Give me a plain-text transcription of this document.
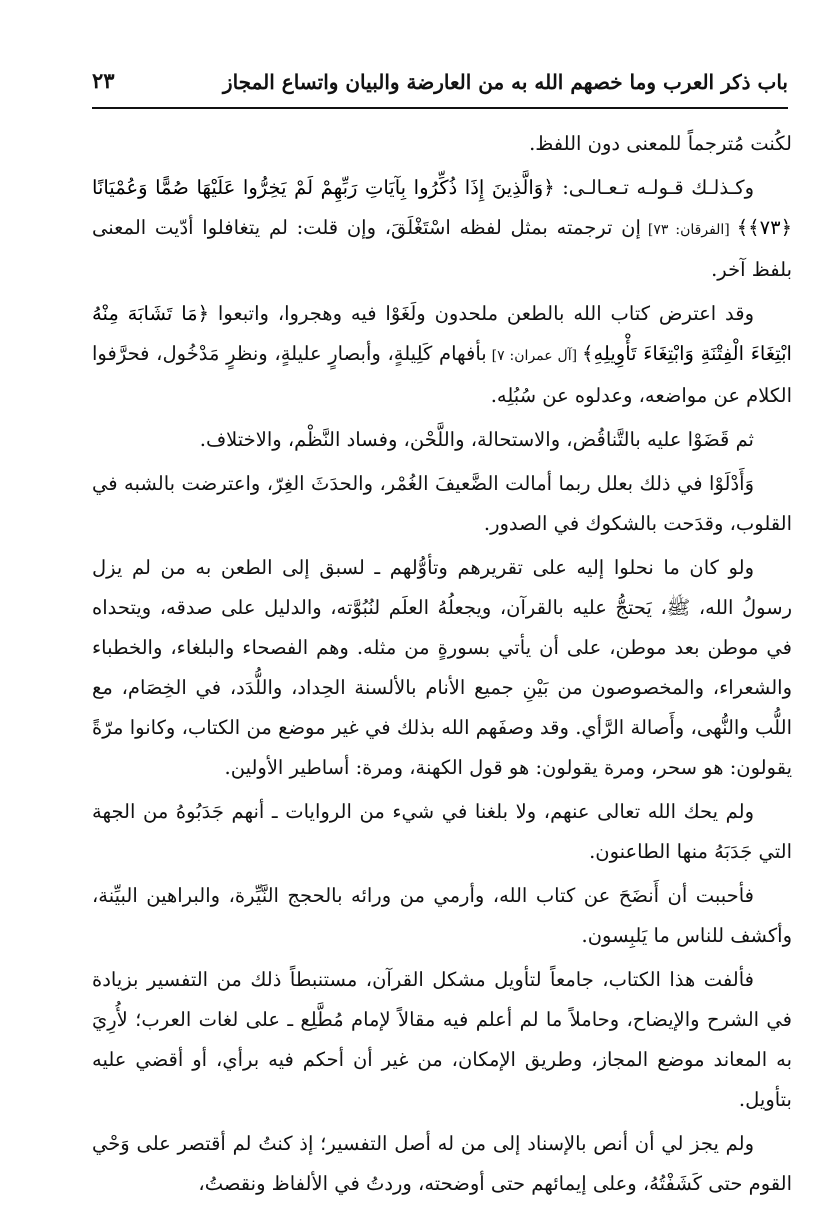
باب ذكر العرب وما خصهم الله به من العارضة والبيان واتساع المجاز
٢٣

لكُنت مُترجماً للمعنى دون اللفظ.

وكـذلـك قـولـه تـعـالـى: ﴿وَالَّذِينَ إِذَا ذُكِّرُوا بِآيَاتِ رَبِّهِمْ لَمْ يَخِرُّوا عَلَيْهَا صُمًّا وَعُمْيَانًا ﴿٧٣﴾﴾ [الفرقان: ٧٣] إن ترجمته بمثل لفظه اسْتَغْلَقَ، وإن قلت: لم يتغافلوا أدّيت المعنى بلفظ آخر.

وقد اعترض كتاب الله بالطعن ملحدون ولَغَوْا فيه وهجروا، واتبعوا ﴿مَا تَشَابَهَ مِنْهُ ابْتِغَاءَ الْفِتْنَةِ وَابْتِغَاءَ تَأْوِيلِهِ﴾ [آل عمران: ٧] بأفهام كَلِيلةٍ، وأبصارٍ عليلةٍ، ونظرٍ مَدْخُول، فحرَّفوا الكلام عن مواضعه، وعدلوه عن سُبُلِه.

ثم قَضَوْا عليه بالتَّناقُض، والاستحالة، واللَّحْن، وفساد النَّظْم، والاختلاف.

وَأَدْلَوْا في ذلك بعلل ربما أمالت الضَّعيفَ الغُمْر، والحدَثَ الغِرّ، واعترضت بالشبه في القلوب، وقدَحت بالشكوك في الصدور.

ولو كان ما نحلوا إليه على تقريرهم وتأوُّلهم ـ لسبق إلى الطعن به من لم يزل رسولُ الله، ﷺ، يَحتجُّ عليه بالقرآن، ويجعلُهُ العلَم لنُبُوَّته، والدليل على صدقه، ويتحداه في موطن بعد موطن، على أن يأتي بسورةٍ من مثله. وهم الفصحاء والبلغاء، والخطباء والشعراء، والمخصوصون من بَيْنِ جميع الأنام بالألسنة الحِداد، واللُّدَد، في الخِصَام، مع اللُّب والنُّهى، وأَصالة الرَّأي. وقد وصفَهم الله بذلك في غير موضع من الكتاب، وكانوا مرّةً يقولون: هو سحر، ومرة يقولون: هو قول الكهنة، ومرة: أساطير الأولين.

ولم يحك الله تعالى عنهم، ولا بلغنا في شيء من الروايات ـ أنهم جَدَبُوهُ من الجهة التي جَدَبَهُ منها الطاعنون.

فأحببت أن أَنضَحَ عن كتاب الله، وأرمي من ورائه بالحجج النَّيِّرة، والبراهين البيِّنة، وأكشف للناس ما يَلبِسون.

فألفت هذا الكتاب، جامعاً لتأويل مشكل القرآن، مستنبطاً ذلك من التفسير بزيادة في الشرح والإيضاح، وحاملاً ما لم أعلم فيه مقالاً لإمام مُطَّلِع ـ على لغات العرب؛ لأُرِيَ به المعاند موضع المجاز، وطريق الإمكان، من غير أن أحكم فيه برأي، أو أقضي عليه بتأويل.

ولم يجز لي أن أنص بالإسناد إلى من له أصل التفسير؛ إذ كنتُ لم أقتصر على وَحْي القوم حتى كَشَفْتُهُ، وعلى إيمائهم حتى أوضحته، وردتُ في الألفاظ ونقصتُ،
